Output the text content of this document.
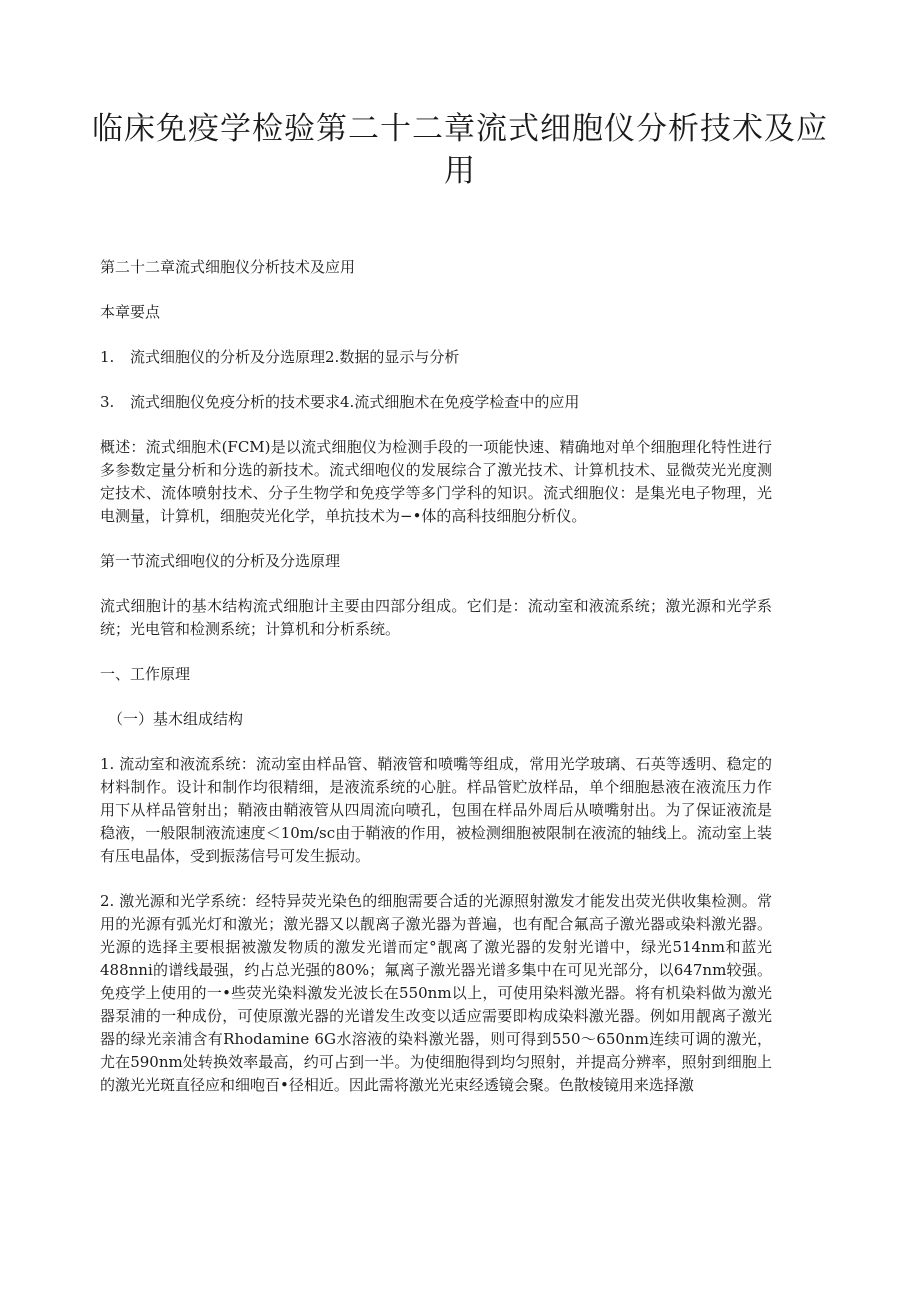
临床免疫学检验第二十二章流式细胞仪分析技术及应用

第二十二章流式细胞仪分析技术及应用

本章要点

1.	流式细胞仪的分析及分选原理2.数据的显示与分析

3.	流式细胞仪免疫分析的技术要求4.流式细胞术在免疫学检查中的应用

概述：流式细胞术(FCM)是以流式细胞仪为检测手段的一项能快速、精确地对单个细胞理化特性进行多参数定量分析和分选的新技术。流式细咆仪的发展综合了激光技术、计算机技术、显微荧光光度测定技术、流体喷射技术、分子生物学和免疫学等多门学科的知识。流式细胞仪：是集光电子物理，光电测量，计算机，细胞荧光化学，单抗技术为−•体的高科技细胞分析仪。

第一节流式细咆仪的分析及分选原理

流式细胞计的基木结构流式细胞计主要由四部分组成。它们是：流动室和液流系统；激光源和光学系统；光电管和检测系统；计算机和分析系统。

一、工作原理

（一）基木组成结构

1. 流动室和液流系统：流动室由样品管、鞘液管和喷嘴等组成，常用光学玻璃、石英等透明、稳定的材料制作。设计和制作均很精细，是液流系统的心脏。样品管贮放样品，单个细胞悬液在液流压力作用下从样品管射出；鞘液由鞘液管从四周流向喷孔，包围在样品外周后从喷嘴射出。为了保证液流是稳液，一般限制液流速度＜10m/sc由于鞘液的作用，被检测细胞被限制在液流的轴线上。流动室上装有压电晶体，受到振荡信号可发生振动。

2. 激光源和光学系统：经特异荧光染色的细胞需要合适的光源照射激发才能发出荧光供收集检测。常用的光源有弧光灯和激光；激光器又以靓离子激光器为普遍，也有配合氟高子激光器或染料激光器。光源的选择主要根据被激发物质的激发光谱而定°靓离了激光器的发射光谱中，绿光514nm和蓝光488nni的谱线最强，约占总光强的80%；氟离子激光器光谱多集中在可见光部分，以647nm较强。免疫学上使用的一•些荧光染料激发光波长在550nm以上，可使用染料激光器。将有机染料做为激光器泵浦的一种成份，可使原激光器的光谱发生改变以适应需要即构成染料激光器。例如用靓离子激光器的绿光亲浦含有Rhodamine 6G水溶液的染料激光器，则可得到550〜650nm连续可调的激光，尤在590nm处转换效率最高，约可占到一半。为使细胞得到均匀照射，并提高分辨率，照射到细胞上的激光光斑直径应和细咆百•径相近。因此需将激光光束经透镜会聚。色散棱镜用来选择激
